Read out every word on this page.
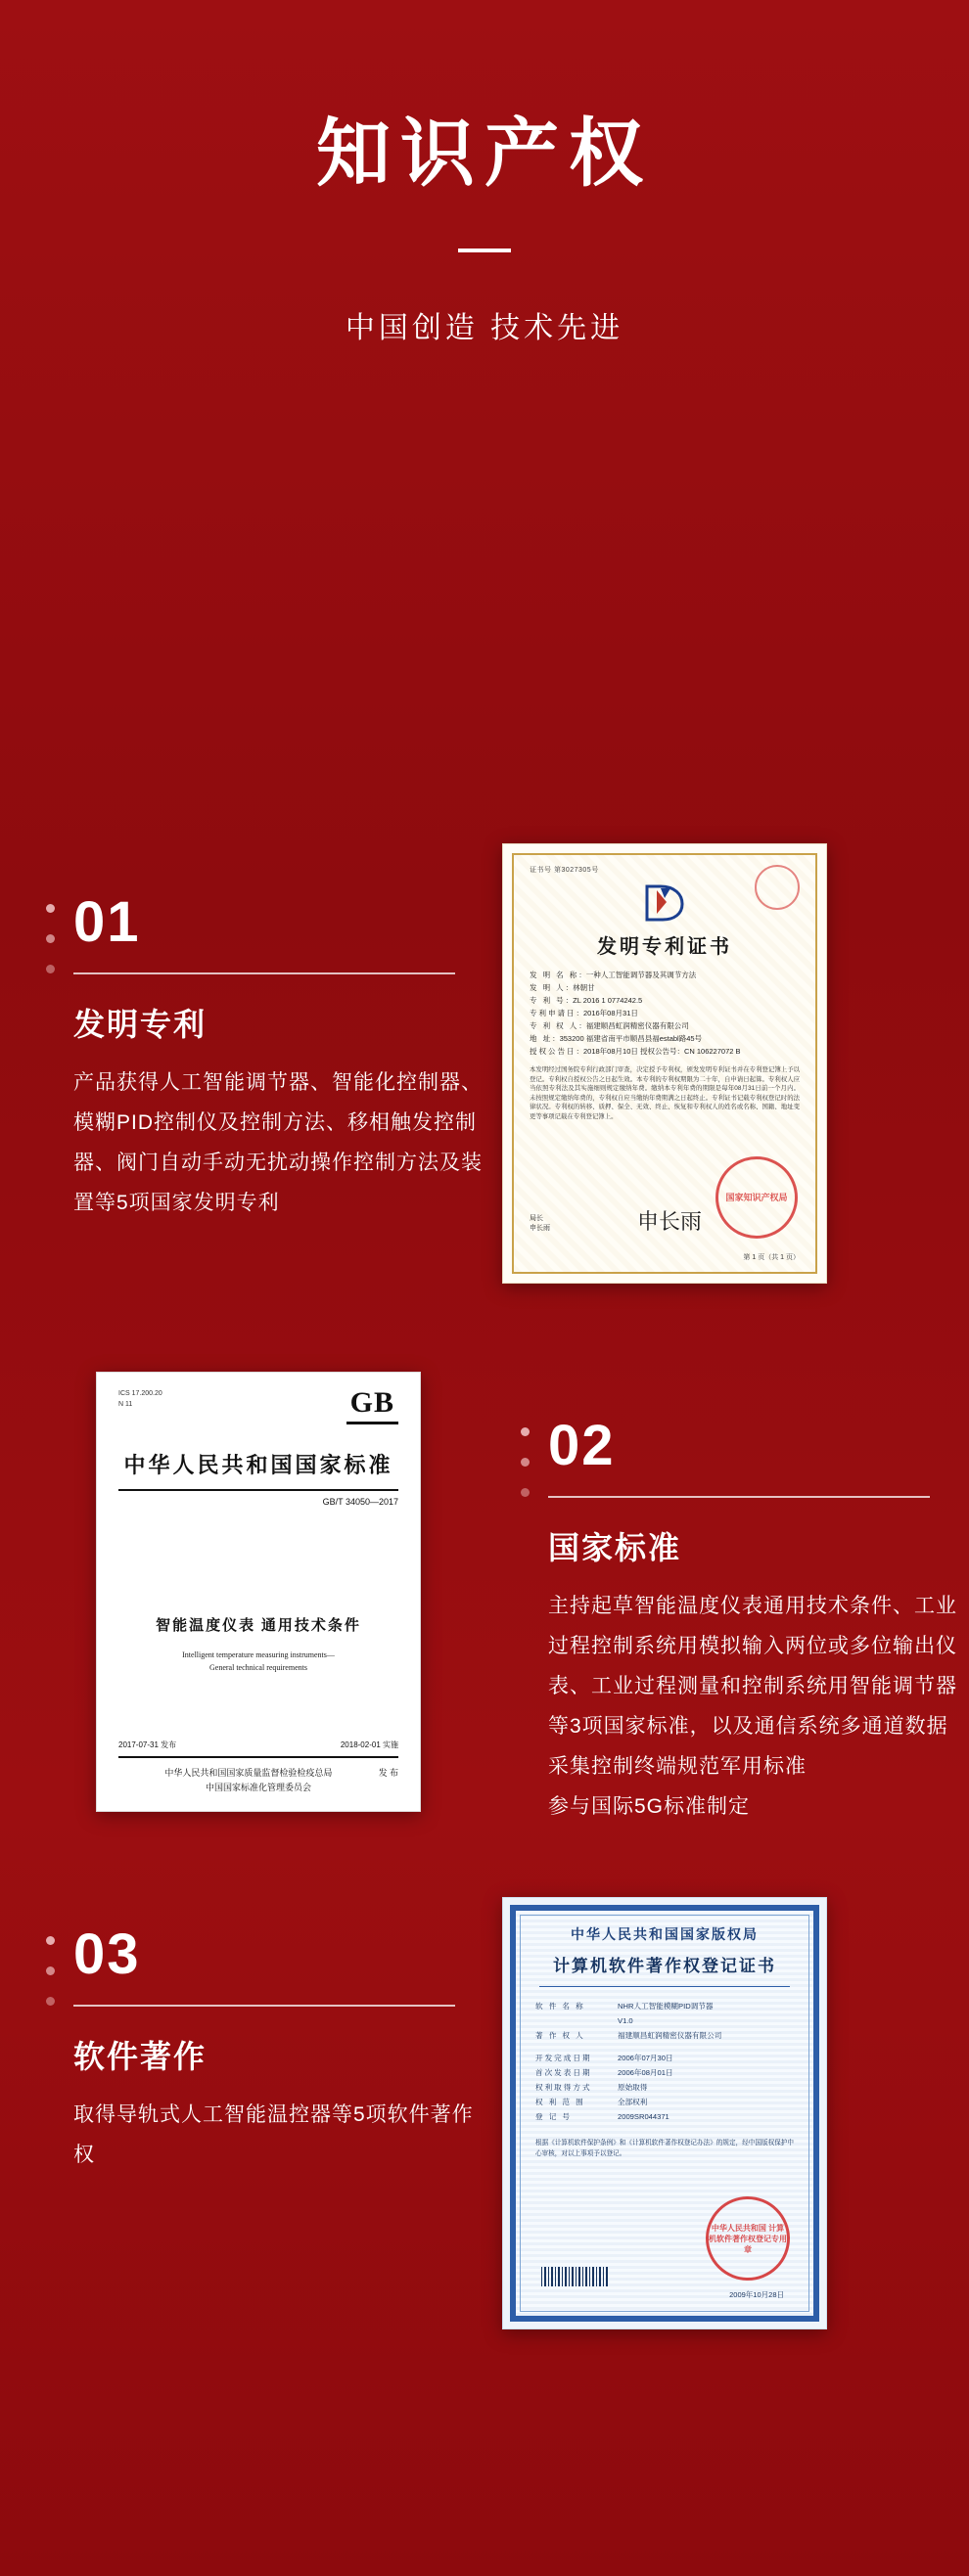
知识产权
中国创造 技术先进
01
发明专利

产品获得人工智能调节器、智能化控制器、模糊PID控制仪及控制方法、移相触发控制器、阀门自动手动无扰动操作控制方法及装置等5项国家发明专利

证书号 第3027305号
发明专利证书
发 明 名 称：一种人工智能调节器及其调节方法
发 明 人：林朝甘
专 利 号：ZL 2016 1 0774242.5
专利申请日：2016年08月31日
专 利 权 人：福建顺昌虹润精密仪器有限公司
地 址：353200 福建省南平市顺昌县福establ路45号
授权公告日：2018年08月10日 授权公告号：CN 106227072 B
本发明经过国务院专利行政部门审查，决定授予专利权，颁发发明专利证书并在专利登记簿上予以登记。专利权自授权公告之日起生效。本专利的专利权期限为二十年，自申请日起算。专利权人应当依照专利法及其实施细则规定缴纳年费。缴纳本专利年费的期限是每年08月31日前一个月内。未按照规定缴纳年费的，专利权自应当缴纳年费期满之日起终止。专利证书记载专利权登记时的法律状况。专利权的转移、质押、保全、无效、终止、恢复和专利权人的姓名或名称、国籍、地址变更等事项记载在专利登记簿上。
局长
申长雨	申长雨
国家知识产权局
第 1 页（共 1 页）
02
国家标准

主持起草智能温度仪表通用技术条件、工业过程控制系统用模拟输入两位或多位输出仪表、工业过程测量和控制系统用智能调节器等3项国家标准，以及通信系统多通道数据采集控制终端规范军用标准

参与国际5G标准制定

ICS 17.200.20
N 11	GB
中华人民共和国国家标准
GB/T 34050—2017
智能温度仪表 通用技术条件
Intelligent temperature measuring instruments—
General technical requirements
2017-07-31 发布	2018-02-01 实施
发 布
中华人民共和国国家质量监督检验检疫总局
中国国家标准化管理委员会
03
软件著作

取得导轨式人工智能温控器等5项软件著作权

中华人民共和国国家版权局
计算机软件著作权登记证书
软 件 名 称	NHR人工智能模糊PID调节器
V1.0
著 作 权 人	福建顺昌虹润精密仪器有限公司
开发完成日期	2006年07月30日
首次发表日期	2006年08月01日
权利取得方式	原始取得
权 利 范 围	全部权利
登 记 号	2009SR044371
根据《计算机软件保护条例》和《计算机软件著作权登记办法》的规定，经中国版权保护中心审核，对以上事项予以登记。
中华人民共和国 计算机软件著作权登记专用章
2009年10月28日
